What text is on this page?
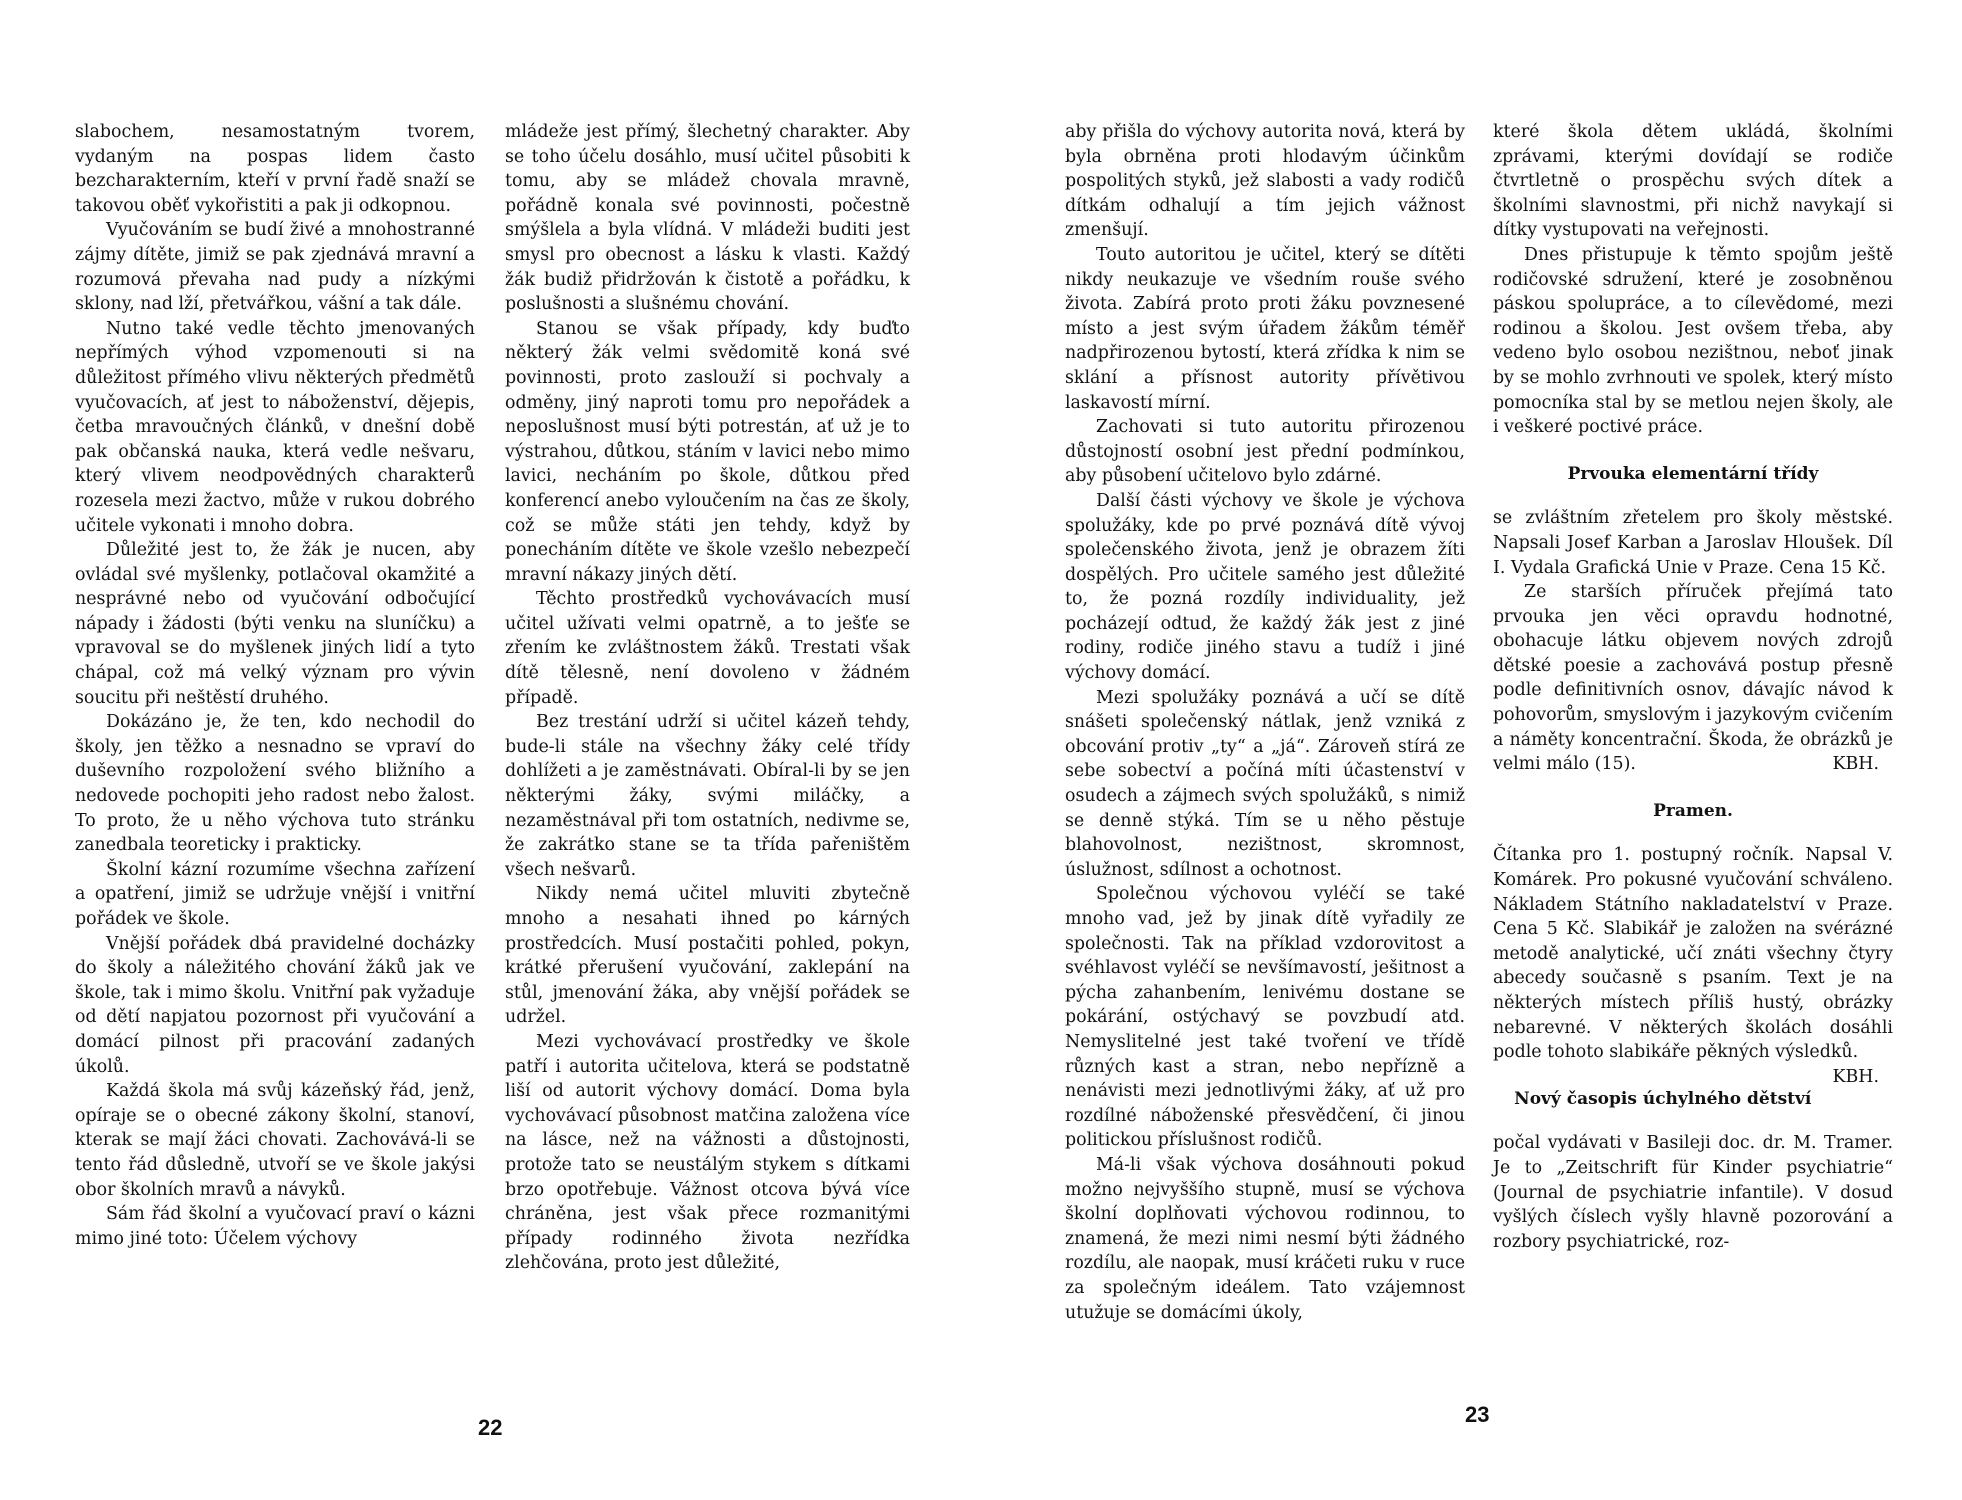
slabochem, nesamostatným tvorem, vydaným na pospas lidem často bezcharakterním, kteří v první řadě snaží se takovou oběť vykořistiti a pak ji odkopnou.

Vyučováním se budí živé a mnohostranné zájmy dítěte, jimiž se pak zjednává mravní a rozumová převaha nad pudy a nízkými sklony, nad lží, přetvářkou, vášní a tak dále.

Nutno také vedle těchto jmenovaných nepřímých výhod vzpomenouti si na důležitost přímého vlivu některých předmětů vyučovacích, ať jest to náboženství, dějepis, četba mravoučných článků, v dnešní době pak občanská nauka, která vedle nešvaru, který vlivem neodpovědných charakterů rozesela mezi žactvo, může v rukou dobrého učitele vykonati i mnoho dobra.

Důležité jest to, že žák je nucen, aby ovládal své myšlenky, potlačoval okamžité a nesprávné nebo od vyučování odbočující nápady i žádosti (býti venku na sluníčku) a vpravoval se do myšlenek jiných lidí a tyto chápal, což má velký význam pro vývin soucitu při neštěstí druhého.

Dokázáno je, že ten, kdo nechodil do školy, jen těžko a nesnadno se vpraví do duševního rozpoložení svého bližního a nedovede pochopiti jeho radost nebo žalost. To proto, že u něho výchova tuto stránku zanedbala teoreticky i prakticky.

Školní kázní rozumíme všechna zařízení a opatření, jimiž se udržuje vnější i vnitřní pořádek ve škole.

Vnější pořádek dbá pravidelné docházky do školy a náležitého chování žáků jak ve škole, tak i mimo školu. Vnitřní pak vyžaduje od dětí napjatou pozornost při vyučování a domácí pilnost při pracování zadaných úkolů.

Každá škola má svůj kázeňský řád, jenž, opíraje se o obecné zákony školní, stanoví, kterak se mají žáci chovati. Zachovává-li se tento řád důsledně, utvoří se ve škole jakýsi obor školních mravů a návyků.

Sám řád školní a vyučovací praví o kázni mimo jiné toto: Účelem výchovy

mládeže jest přímý, šlechetný charakter. Aby se toho účelu dosáhlo, musí učitel působiti k tomu, aby se mládež chovala mravně, pořádně konala své povinnosti, počestně smýšlela a byla vlídná. V mládeži buditi jest smysl pro obecnost a lásku k vlasti. Každý žák budiž přidržován k čistotě a pořádku, k poslušnosti a slušnému chování.

Stanou se však případy, kdy buďto některý žák velmi svědomitě koná své povinnosti, proto zaslouží si pochvaly a odměny, jiný naproti tomu pro nepořádek a neposlušnost musí býti potrestán, ať už je to výstrahou, důtkou, stáním v lavici nebo mimo lavici, necháním po škole, důtkou před konferencí anebo vyloučením na čas ze školy, což se může státi jen tehdy, když by ponecháním dítěte ve škole vzešlo nebezpečí mravní nákazy jiných dětí.

Těchto prostředků vychovávacích musí učitel užívati velmi opatrně, a to ješťe se zřením ke zvláštnostem žáků. Trestati však dítě tělesně, není dovoleno v žádném případě.

Bez trestání udrží si učitel kázeň tehdy, bude-li stále na všechny žáky celé třídy dohlížeti a je zaměstnávati. Obíral-li by se jen některými žáky, svými miláčky, a nezaměstnával při tom ostatních, nedivme se, že zakrátko stane se ta třída pařeništěm všech nešvarů.

Nikdy nemá učitel mluviti zbytečně mnoho a nesahati ihned po kárných prostředcích. Musí postačiti pohled, pokyn, krátké přerušení vyučování, zaklepání na stůl, jmenování žáka, aby vnější pořádek se udržel.

Mezi vychovávací prostředky ve škole patří i autorita učitelova, která se podstatně liší od autorit výchovy domácí. Doma byla vychovávací působnost matčina založena více na lásce, než na vážnosti a důstojnosti, protože tato se neustálým stykem s dítkami brzo opotřebuje. Vážnost otcova bývá více chráněna, jest však přece rozmanitými případy rodinného života nezřídka zlehčována, proto jest důležité,

22

aby přišla do výchovy autorita nová, která by byla obrněna proti hlodavým účinkům pospolitých styků, jež slabosti a vady rodičů dítkám odhalují a tím jejich vážnost zmenšují.

Touto autoritou je učitel, který se dítěti nikdy neukazuje ve všedním rouše svého života. Zabírá proto proti žáku povznesené místo a jest svým úřadem žákům téměř nadpřirozenou bytostí, která zřídka k nim se sklání a přísnost autority přívětivou laskavostí mírní.

Zachovati si tuto autoritu přirozenou důstojností osobní jest přední podmínkou, aby působení učitelovo bylo zdárné.

Další části výchovy ve škole je výchova spolužáky, kde po prvé poznává dítě vývoj společenského života, jenž je obrazem žíti dospělých. Pro učitele samého jest důležité to, že pozná rozdíly individuality, jež pocházejí odtud, že každý žák jest z jiné rodiny, rodiče jiného stavu a tudíž i jiné výchovy domácí.

Mezi spolužáky poznává a učí se dítě snášeti společenský nátlak, jenž vzniká z obcování protiv „ty“ a „já“. Zároveň stírá ze sebe sobectví a počíná míti účastenství v osudech a zájmech svých spolužáků, s nimiž se denně stýká. Tím se u něho pěstuje blahovolnost, nezištnost, skromnost, úslužnost, sdílnost a ochotnost.

Společnou výchovou vyléčí se také mnoho vad, jež by jinak dítě vyřadily ze společnosti. Tak na příklad vzdorovitost a svéhlavost vyléčí se nevšímavostí, ješitnost a pýcha zahanbením, lenivému dostane se pokárání, ostýchavý se povzbudí atd. Nemyslitelné jest také tvoření ve třídě různých kast a stran, nebo nepřízně a nenávisti mezi jednotlivými žáky, ať už pro rozdílné náboženské přesvědčení, či jinou politickou příslušnost rodičů.

Má-li však výchova dosáhnouti pokud možno nejvyššího stupně, musí se výchova školní doplňovati výchovou rodinnou, to znamená, že mezi nimi nesmí býti žádného rozdílu, ale naopak, musí kráčeti ruku v ruce za společným ideálem. Tato vzájemnost utužuje se domácími úkoly,

které škola dětem ukládá, školními zprávami, kterými dovídají se rodiče čtvrtletně o prospěchu svých dítek a školními slavnostmi, při nichž navykají si dítky vystupovati na veřejnosti.

Dnes přistupuje k těmto spojům ještě rodičovské sdružení, které je zosobněnou páskou spolupráce, a to cílevědomé, mezi rodinou a školou. Jest ovšem třeba, aby vedeno bylo osobou nezištnou, neboť jinak by se mohlo zvrhnouti ve spolek, který místo pomocníka stal by se metlou nejen školy, ale i veškeré poctivé práce.

Prvouka elementární třídy

se zvláštním zřetelem pro školy městské. Napsali Josef Karban a Jaroslav Hloušek. Díl I. Vydala Grafická Unie v Praze. Cena 15 Kč.

Ze starších příruček přejímá tato prvouka jen věci opravdu hodnotné, obohacuje látku objevem nových zdrojů dětské poesie a zachovává postup přesně podle definitivních osnov, dávajíc návod k pohovorům, smyslovým i jazykovým cvičením a náměty koncentrační. Škoda, že obrázků je velmi málo (15).	KBH.

Pramen.

Čítanka pro 1. postupný ročník. Napsal V. Komárek. Pro pokusné vyučování schváleno. Nákladem Státního nakladatelství v Praze. Cena 5 Kč. Slabikář je založen na svérázné metodě analytické, učí znáti všechny čtyry abecedy současně s psaním. Text je na některých místech příliš hustý, obrázky nebarevné. V některých školách dosáhli podle tohoto slabikáře pěkných výsledků.
KBH.

Nový časopis úchylného dětství

počal vydávati v Basileji doc. dr. M. Tramer. Je to „Zeitschrift für Kinder psychiatrie“ (Journal de psychiatrie infantile). V dosud vyšlých číslech vyšly hlavně pozorování a rozbory psychiatrické, roz-

23
